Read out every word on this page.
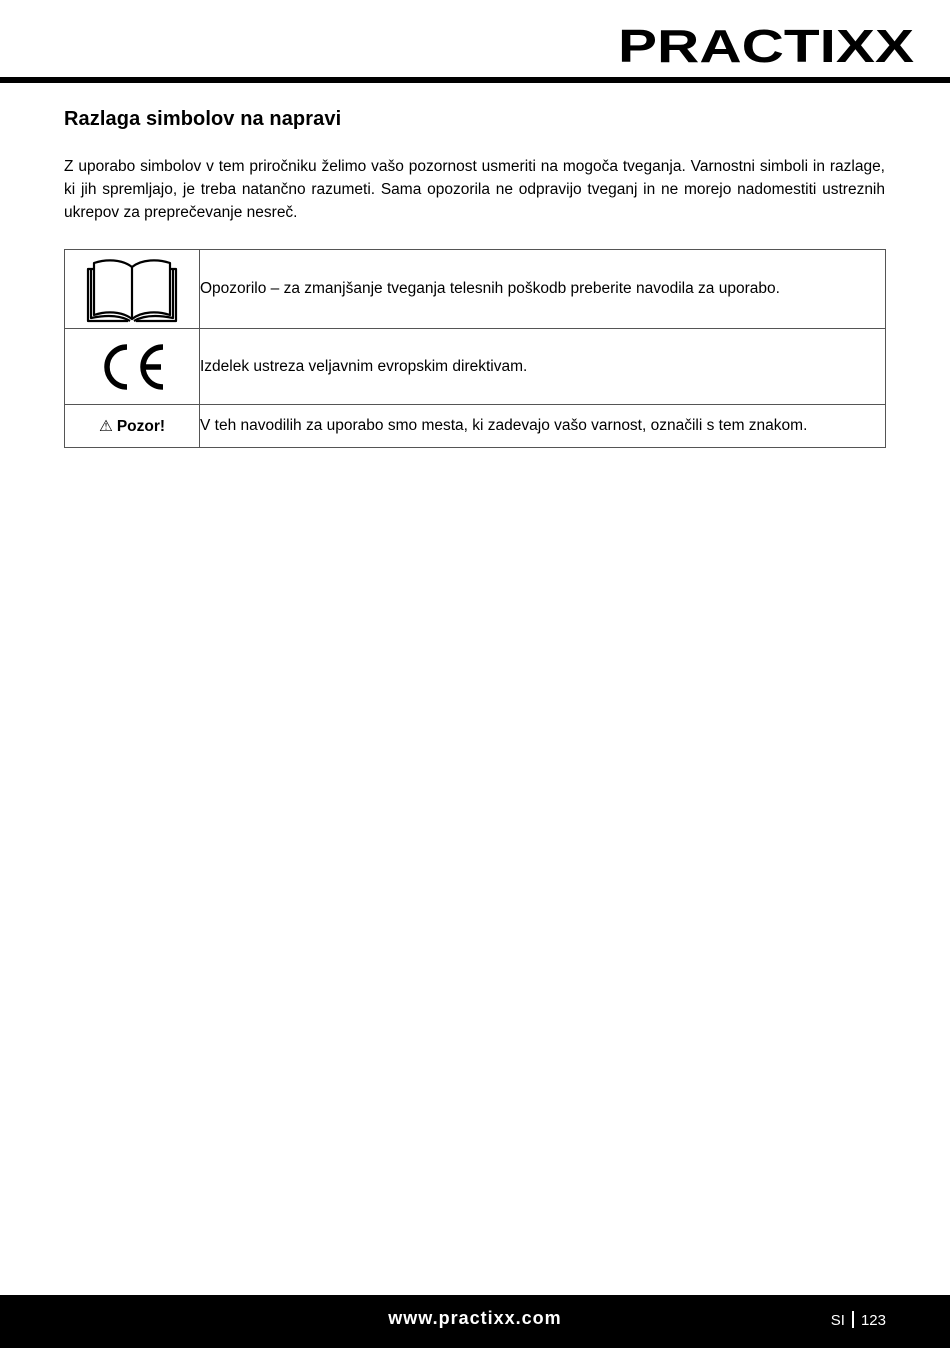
PRACTIXX
Razlaga simbolov na napravi

Z uporabo simbolov v tem priročniku želimo vašo pozornost usmeriti na mogoča tveganja. Varnostni simboli in razlage, ki jih spremljajo, je treba natančno razumeti. Sama opozorila ne odpravijo tveganj in ne morejo nadomestiti ustreznih ukrepov za preprečevanje nesreč.

	Opozorilo – za zmanjšanje tveganja telesnih poškodb preberite navodila za uporabo.

	Izdelek ustreza veljavnim evropskim direktivam.
⚠ Pozor!	V teh navodilih za uporabo smo mesta, ki zadevajo vašo varnost, označili s tem znakom.
www.practixx.com	SI 123
